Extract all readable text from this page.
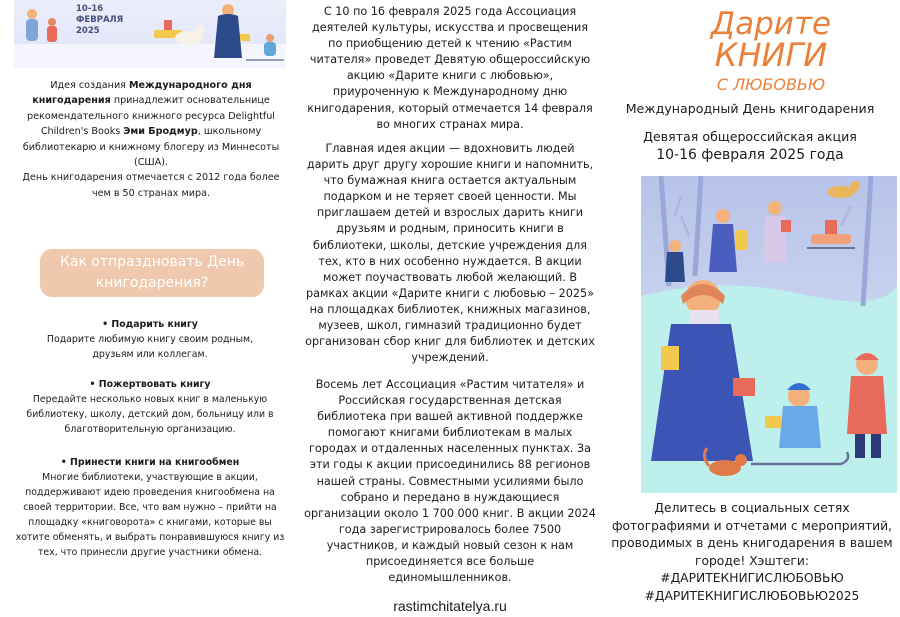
10-16
ФЕВРАЛЯ
2025
Идея создания Международного дня книгодарения принадлежит основательнице рекомендательного книжного ресурса Delightful Children's Books Эми Бродмур, школьному библиотекарю и книжному блогеру из Миннесоты (США).
День книгодарения отмечается с 2012 года более чем в 50 странах мира.
Как отпраздновать День книгодарения?
• Подарить книгу
Подарите любимую книгу своим родным, друзьям или коллегам.
• Пожертвовать книгу
Передайте несколько новых книг в маленькую библиотеку, школу, детский дом, больницу или в благотворительную организацию.
• Принести книги на книгообмен
Многие библиотеки, участвующие в акции, поддерживают идею проведения книгообмена на своей территории. Все, что вам нужно – прийти на площадку «книговорота» с книгами, которые вы хотите обменять, и выбрать понравившуюся книгу из тех, что принесли другие участники обмена.
С 10 по 16 февраля 2025 года Ассоциация деятелей культуры, искусства и просвещения по приобщению детей к чтению «Растим читателя» проведет Девятую общероссийскую акцию «Дарите книги с любовью», приуроченную к Международному дню книгодарения, который отмечается 14 февраля во многих странах мира.
Главная идея акции — вдохновить людей дарить друг другу хорошие книги и напомнить, что бумажная книга остается актуальным подарком и не теряет своей ценности. Мы приглашаем детей и взрослых дарить книги друзьям и родным, приносить книги в библиотеки, школы, детские учреждения для тех, кто в них особенно нуждается. В акции может поучаствовать любой желающий. В рамках акции «Дарите книги с любовью – 2025» на площадках библиотек, книжных магазинов, музеев, школ, гимназий традиционно будет организован сбор книг для библиотек и детских учреждений.
Восемь лет Ассоциация «Растим читателя» и Российская государственная детская библиотека при вашей активной поддержке помогают книгами библиотекам в малых городах и отдаленных населенных пунктах. За эти годы к акции присоединились 88 регионов нашей страны. Совместными усилиями было собрано и передано в нуждающиеся организации около 1 700 000 книг. В акции 2024 года зарегистрировалось более 7500 участников, и каждый новый сезон к нам присоединяется все больше единомышленников.
rastimchitatelya.ru
Дарите
КНИГИ
С ЛЮБОВЬЮ
Международный День книгодарения
Девятая общероссийская акция
10-16 февраля 2025 года
Делитесь в социальных сетях фотографиями и отчетами с мероприятий, проводимых в день книгодарения в вашем городе! Хэштеги:
#ДАРИТЕКНИГИСЛЮБОВЬЮ
#ДАРИТЕКНИГИСЛЮБОВЬЮ2025
